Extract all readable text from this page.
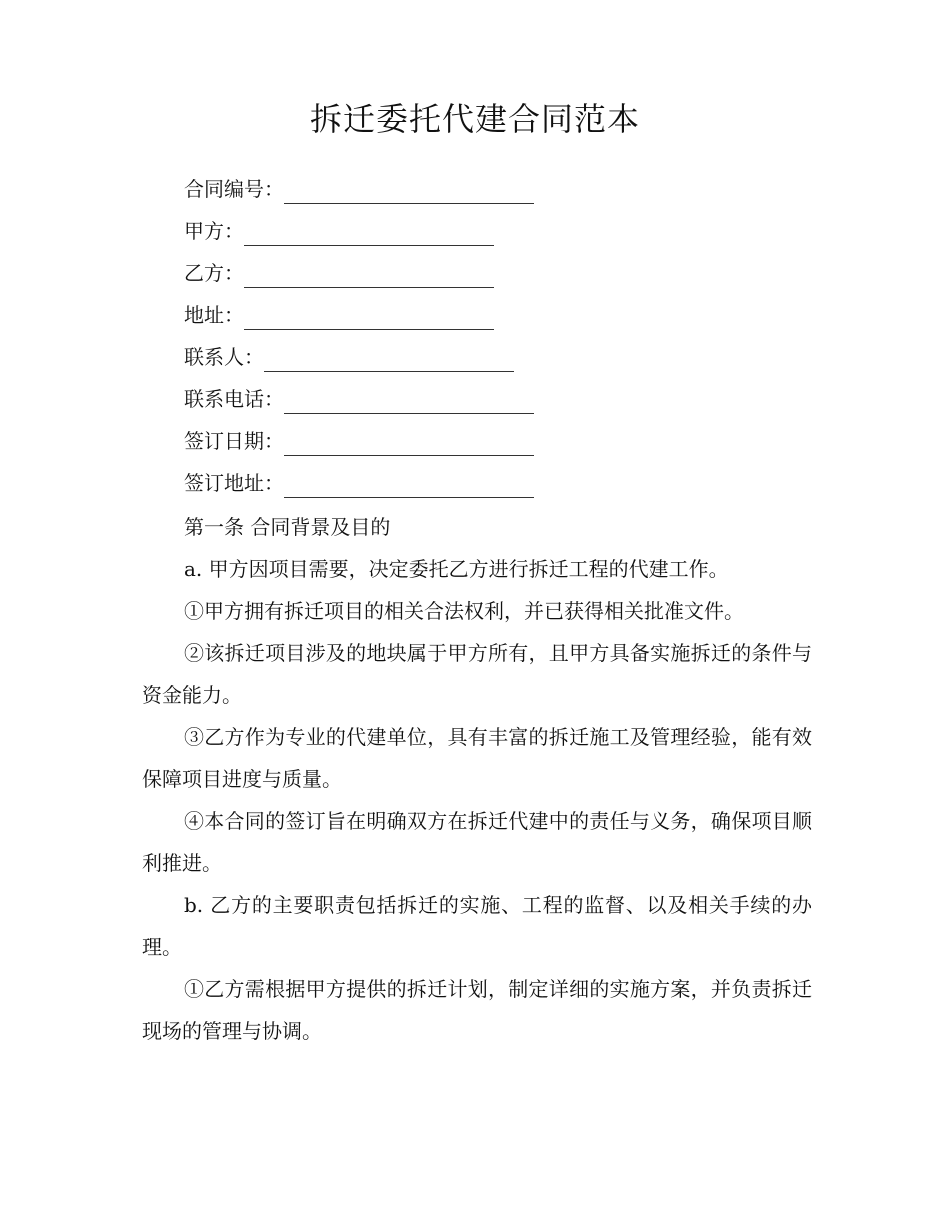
拆迁委托代建合同范本
合同编号：
甲方：
乙方：
地址：
联系人：
联系电话：
签订日期：
签订地址：

第一条 合同背景及目的

a. 甲方因项目需要，决定委托乙方进行拆迁工程的代建工作。

①甲方拥有拆迁项目的相关合法权利，并已获得相关批准文件。

②该拆迁项目涉及的地块属于甲方所有，且甲方具备实施拆迁的条件与资金能力。

③乙方作为专业的代建单位，具有丰富的拆迁施工及管理经验，能有效保障项目进度与质量。

④本合同的签订旨在明确双方在拆迁代建中的责任与义务，确保项目顺利推进。

b. 乙方的主要职责包括拆迁的实施、工程的监督、以及相关手续的办理。

①乙方需根据甲方提供的拆迁计划，制定详细的实施方案，并负责拆迁现场的管理与协调。
